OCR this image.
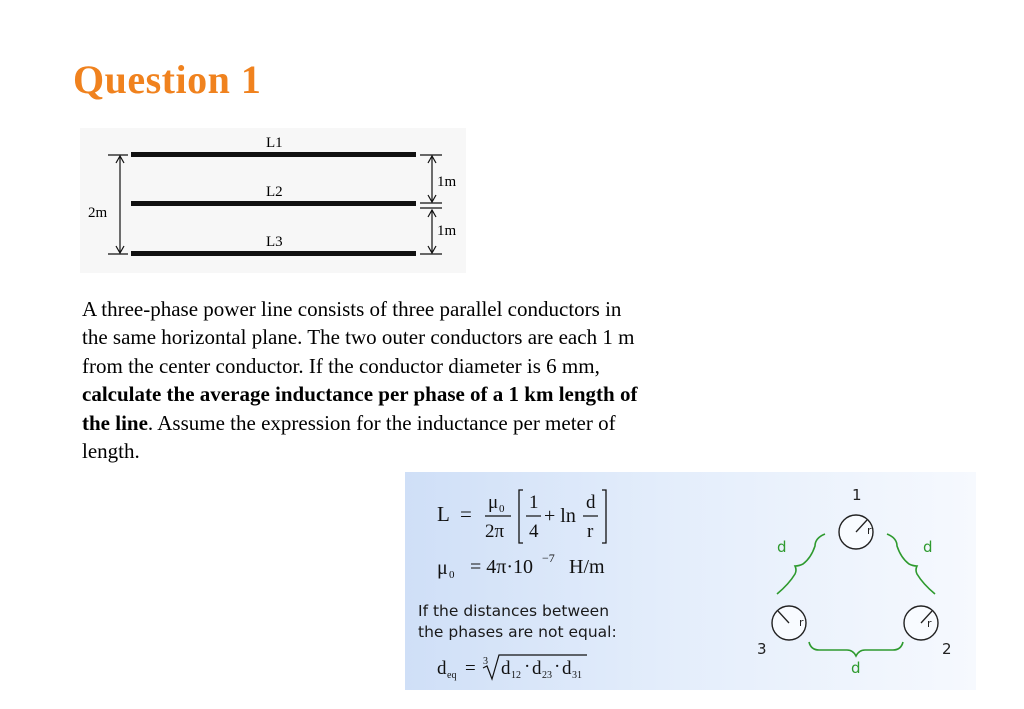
Question 1
L1
L2
L3
2m
1m
1m

A three-phase power line consists of three parallel conductors in the same horizontal plane. The two outer conductors are each 1 m from the center conductor. If the conductor diameter is 6 mm, calculate the average inductance per phase of a 1 km length of the line. Assume the expression for the inductance per meter of length.

L = μ 0
2π
1
4
+ ln
d
r
μ 0 = 4π·10 −7 H/m
If the distances between
the phases are not equal:
d eq = 3 d 12 · d 23 · d 31
r
1
r
3
r
2
d	d
d
